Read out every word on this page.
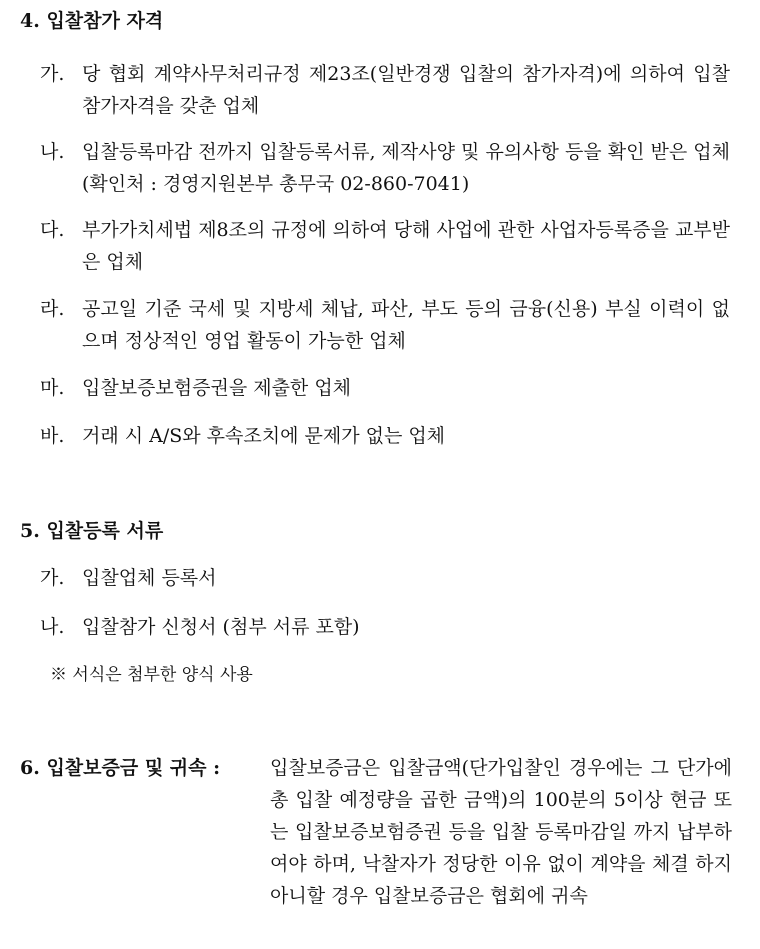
4. 입찰참가 자격
가. 당 협회 계약사무처리규정 제23조(일반경쟁 입찰의 참가자격)에 의하여 입찰참가자격을 갖춘 업체
나. 입찰등록마감 전까지 입찰등록서류, 제작사양 및 유의사항 등을 확인 받은 업체 (확인처 : 경영지원본부 총무국 02-860-7041)
다. 부가가치세법 제8조의 규정에 의하여 당해 사업에 관한 사업자등록증을 교부받은 업체
라. 공고일 기준 국세 및 지방세 체납, 파산, 부도 등의 금융(신용) 부실 이력이 없으며 정상적인 영업 활동이 가능한 업체
마. 입찰보증보험증권을 제출한 업체
바. 거래 시 A/S와 후속조치에 문제가 없는 업체
5. 입찰등록 서류
가. 입찰업체 등록서
나. 입찰참가 신청서 (첨부 서류 포함)
※ 서식은 첨부한 양식 사용
6. 입찰보증금 및 귀속 :	입찰보증금은 입찰금액(단가입찰인 경우에는 그 단가에 총 입찰 예정량을 곱한 금액)의 100분의 5이상 현금 또는 입찰보증보험증권 등을 입찰 등록마감일 까지 납부하여야 하며, 낙찰자가 정당한 이유 없이 계약을 체결 하지 아니할 경우 입찰보증금은 협회에 귀속
